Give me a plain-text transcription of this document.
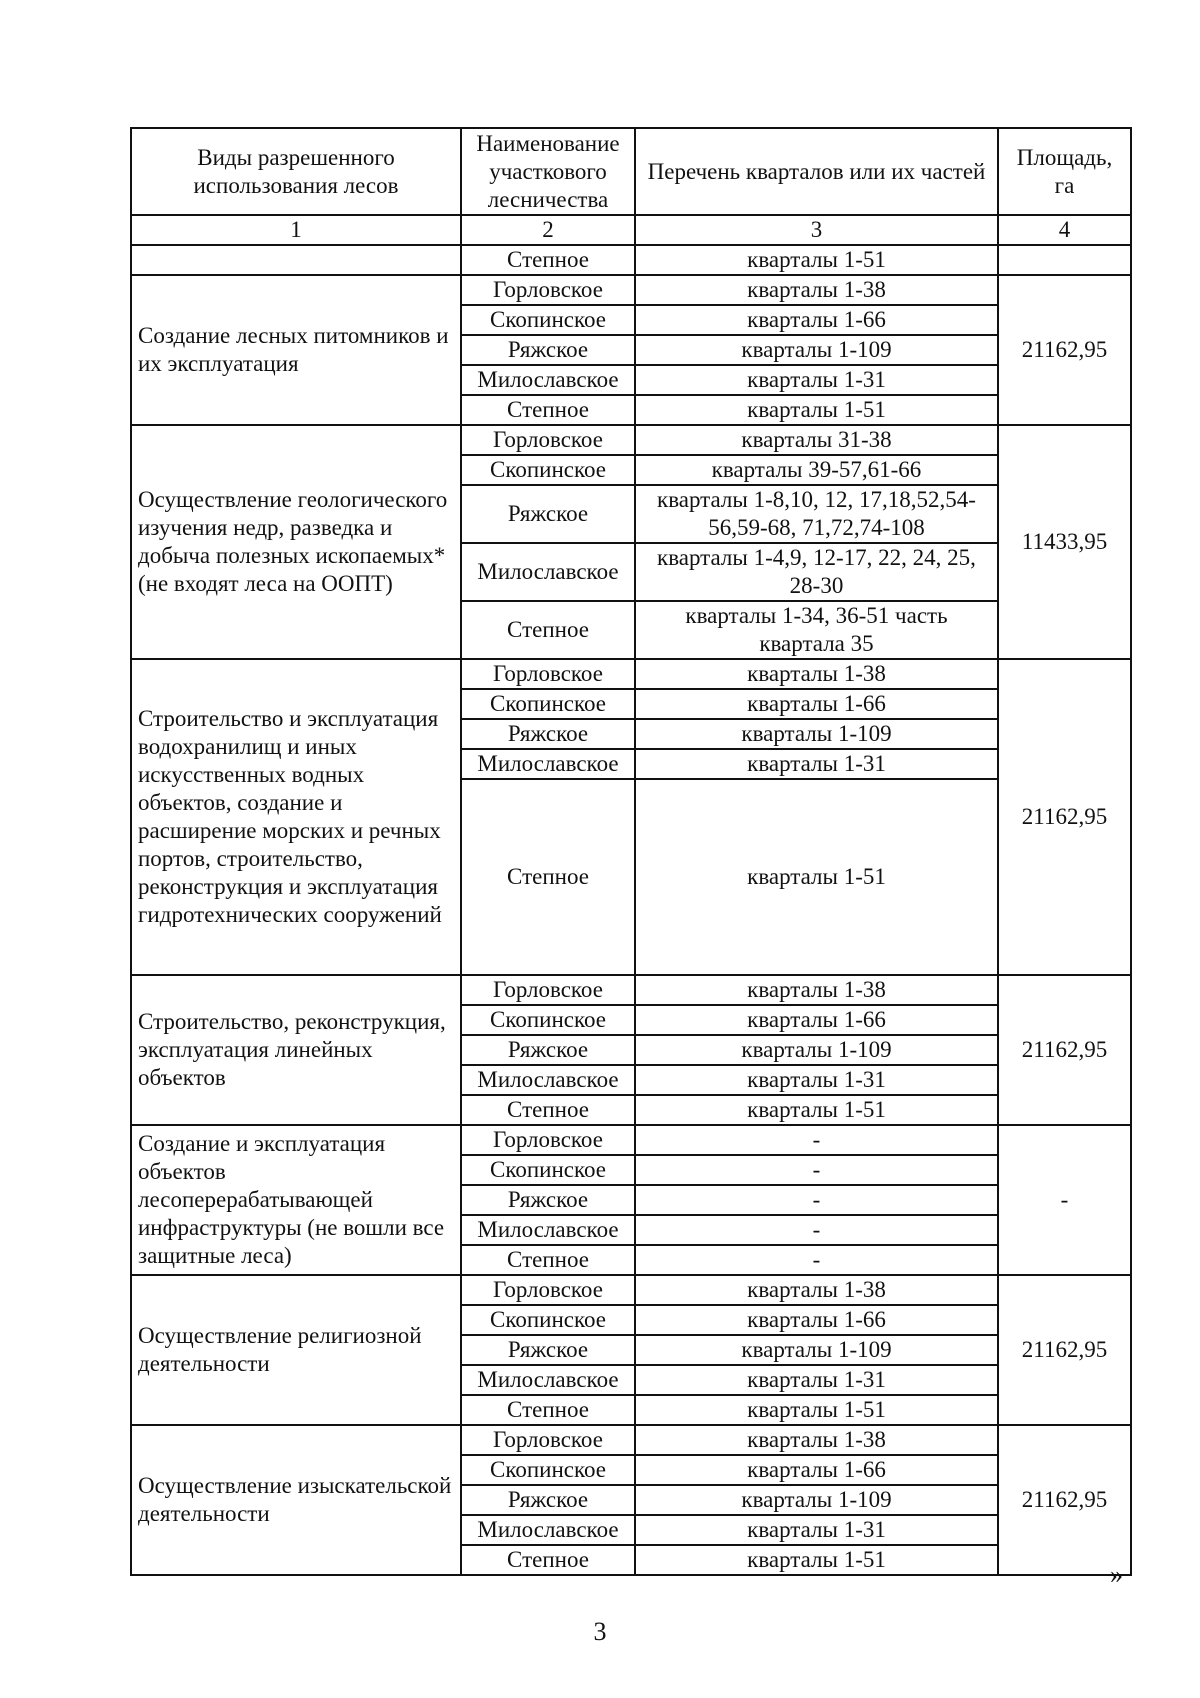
Виды разрешенного использования лесов	Наименование участкового лесничества	Перечень кварталов или их частей	Площадь, га
1	2	3	4
	Степное	кварталы 1-51	
Создание лесных питомников и их эксплуатация	Горловское	кварталы 1-38	21162,95
	Скопинское	кварталы 1-66	
	Ряжское	кварталы 1-109	
	Милославское	кварталы 1-31	
	Степное	кварталы 1-51	
Осуществление геологического изучения недр, разведка и добыча полезных ископаемых* (не входят леса на ООПТ)	Горловское	кварталы 31-38	11433,95
	Скопинское	кварталы 39-57,61-66	
	Ряжское	кварталы 1-8,10, 12, 17,18,52,54-56,59-68, 71,72,74-108	
	Милославское	кварталы 1-4,9, 12-17, 22, 24, 25, 28-30	
	Степное	кварталы 1-34, 36-51 часть квартала 35	
Строительство и эксплуатация водохранилищ и иных искусственных водных объектов, создание и расширение морских и речных портов, строительство, реконструкция и эксплуатация гидротехнических сооружений	Горловское	кварталы 1-38	21162,95
	Скопинское	кварталы 1-66	
	Ряжское	кварталы 1-109	
	Милославское	кварталы 1-31	
	Степное	кварталы 1-51	
Строительство, реконструкция, эксплуатация линейных объектов	Горловское	кварталы 1-38	21162,95
	Скопинское	кварталы 1-66	
	Ряжское	кварталы 1-109	
	Милославское	кварталы 1-31	
	Степное	кварталы 1-51	
Создание и эксплуатация объектов лесоперерабатывающей инфраструктуры (не вошли все защитные леса)	Горловское	-	-
	Скопинское	-	
	Ряжское	-	
	Милославское	-	
	Степное	-	
Осуществление религиозной деятельности	Горловское	кварталы 1-38	21162,95
	Скопинское	кварталы 1-66	
	Ряжское	кварталы 1-109	
	Милославское	кварталы 1-31	
	Степное	кварталы 1-51	
Осуществление изыскательской деятельности	Горловское	кварталы 1-38	21162,95
	Скопинское	кварталы 1-66	
	Ряжское	кварталы 1-109	
	Милославское	кварталы 1-31	
	Степное	кварталы 1-51	
»
3
